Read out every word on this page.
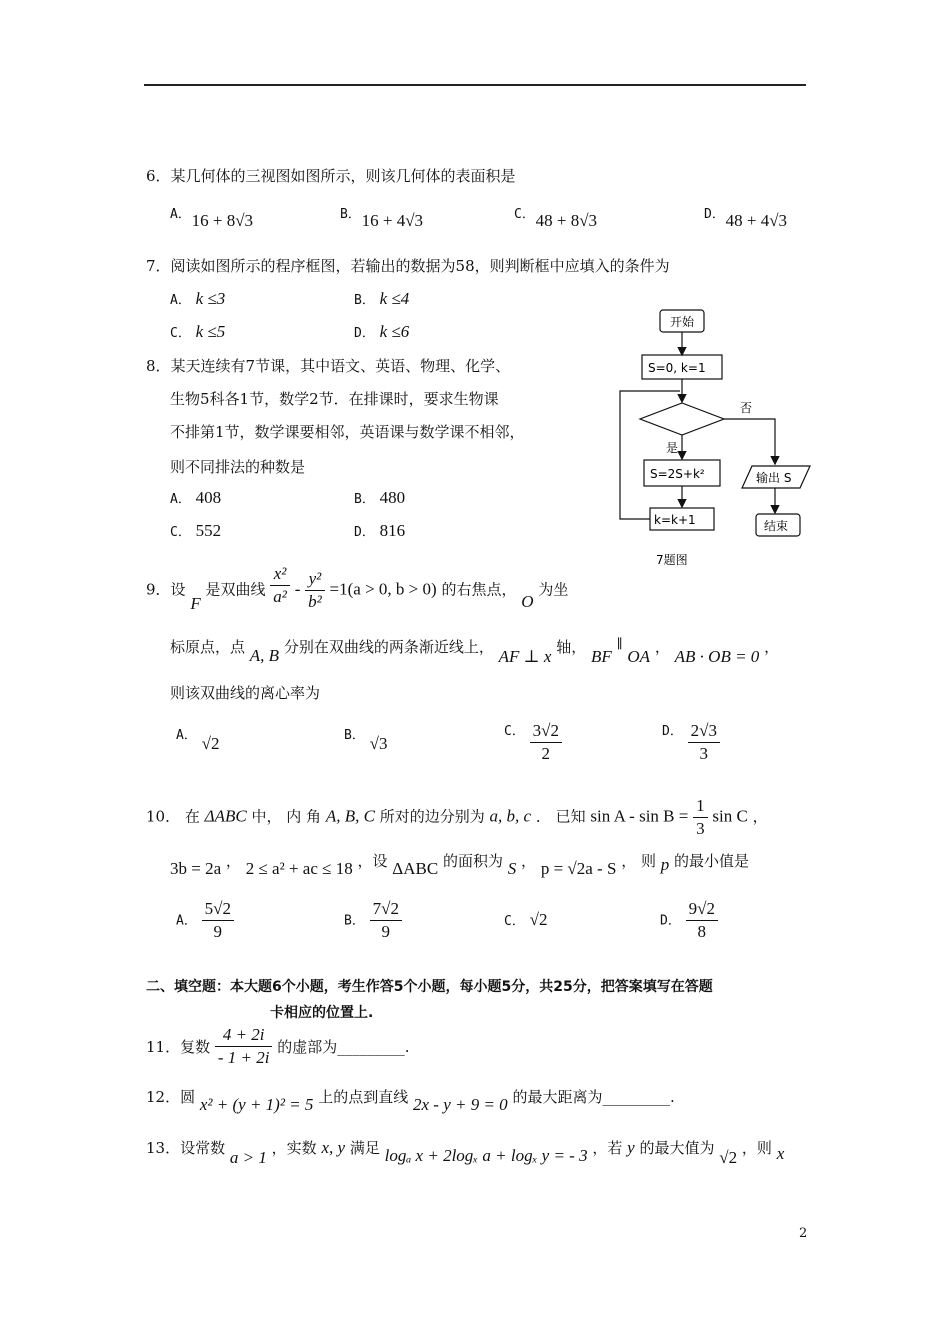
6．某几何体的三视图如图所示，则该几何体的表面积是
A． 16 + 8√3	B． 16 + 4√3	C． 48 + 8√3	D． 48 + 4√3
7．阅读如图所示的程序框图，若输出的数据为58，则判断框中应填入的条件为
A． k ≤3	B． k ≤4
C． k ≤5	D． k ≤6
8．某天连续有7节课，其中语文、英语、物理、化学、
生物5科各1节，数学2节．在排课时，要求生物课
不排第1节，数学课要相邻，英语课与数学课不相邻，
则不同排法的种数是
A． 408	B． 480
C． 552	D． 816
开始
S=0, k=1
否
是
S=2S+k²
k=k+1
输出 S
结束
7题图
9．设 F 是双曲线 $\frac{\text{x²}}{\text{a²}} - \frac{\text{y²}}{\text{b²}} =1(a > 0$, b > 0) 的右焦点， O 为坐
标原点，点 A, B 分别在双曲线的两条渐近线上， AF ⊥ x 轴， BF ∥ OA ， AB · OB = 0 ，
则该双曲线的离心率为
A． √2	B． √3
C． $\frac{3√2}{2}$	D． $\frac{2√3}{3}$
10． 在 ΔABC 中， 内 角 A, B, C 所对的边分别为 a, b, c ． 已知 $\sin A - \sin B = \frac{1}{3}$ sin C ，
3b = 2a ， 2 ≤ a² + ac ≤ 18 ，设 ΔABC 的面积为 S ， p = √2a - S ， 则 p 的最小值是
A． $\frac{5√2}{9}$	B． $\frac{7√2}{9}$	C． √2	D． $\frac{9√2}{8}$
二、填空题：本大题6个小题，考生作答5个小题，每小题5分，共25分，把答案填写在答题
卡相应的位置上.
11．复数 $\frac{4 + 2i}{- 1 + 2i}$ 的虚部为_________.
12．圆 x² + (y + 1)² = 5 上的点到直线 2x - y + 9 = 0 的最大距离为_________.
13．设常数 a > 1 ，实数 x, y 满足 logₐ x + 2logₓ a + logₓ y = - 3 ，若 y 的最大值为 √2 ，则 x
2
